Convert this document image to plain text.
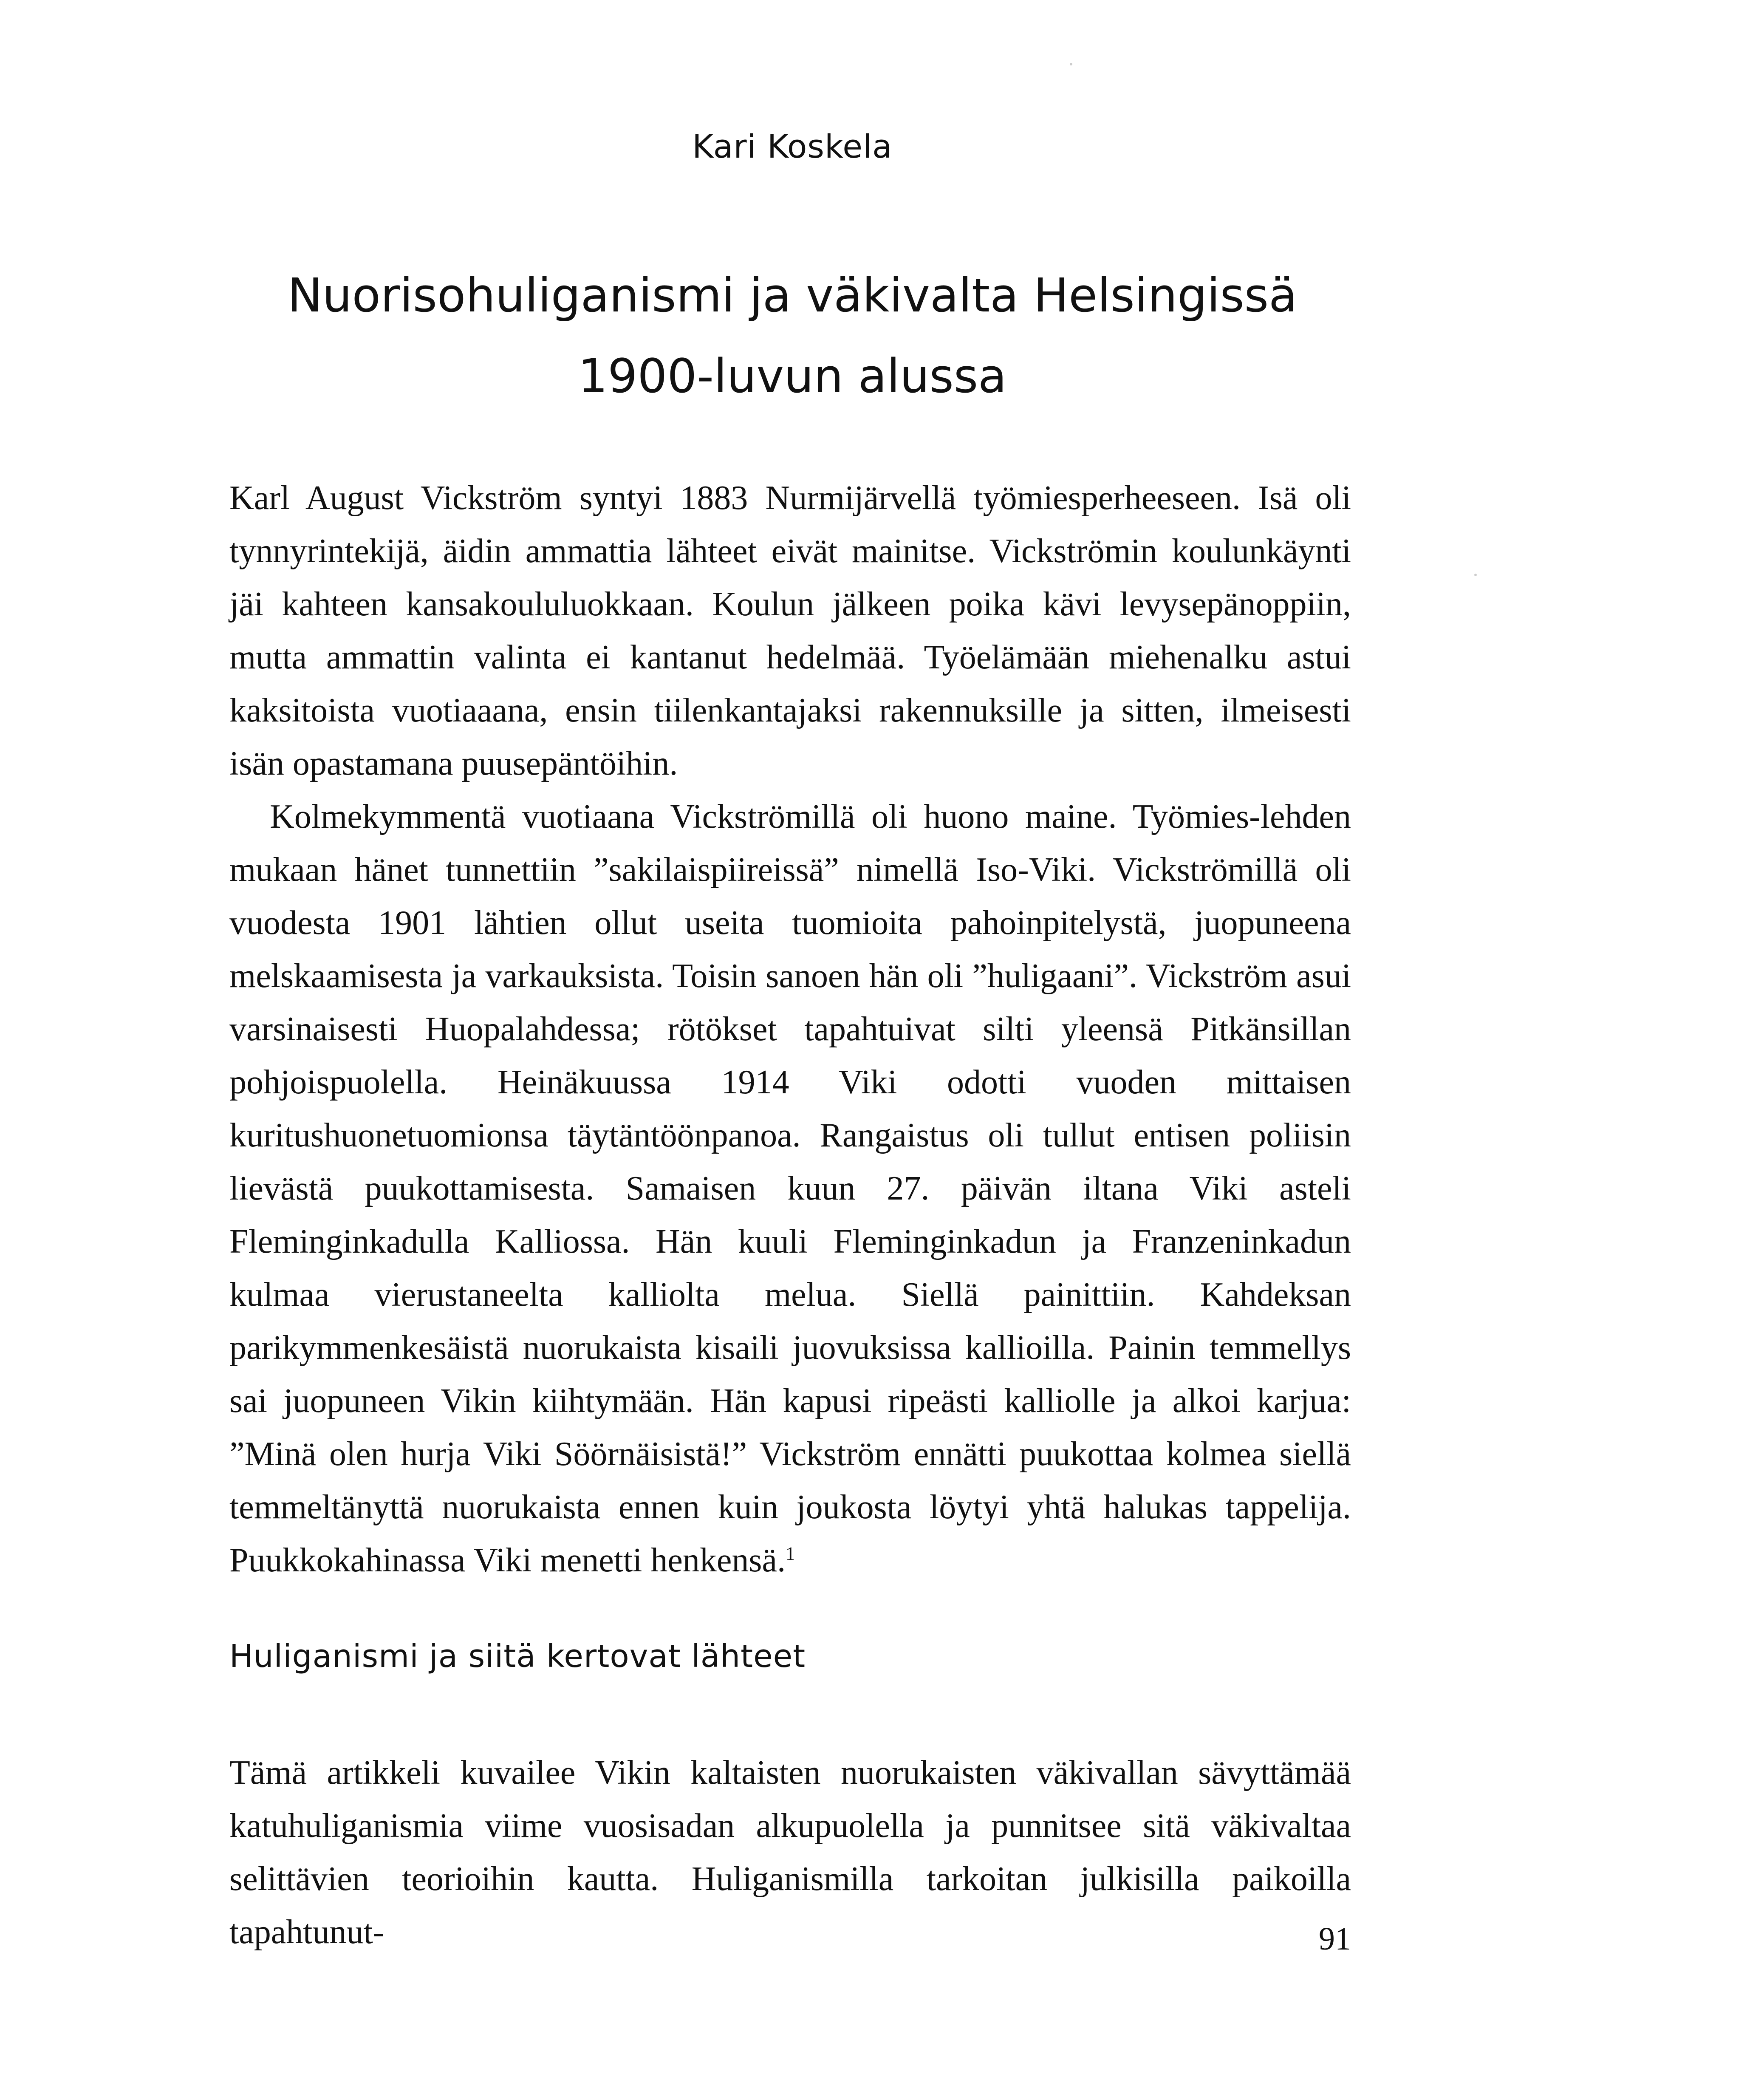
Kari Koskela
Nuorisohuliganismi ja väkivalta Helsingissä
1900-luvun alussa

Karl August Vickström syntyi 1883 Nurmijärvellä työmiesperheeseen. Isä oli tynnyrintekijä, äidin ammattia lähteet eivät mainitse. Vickströmin koulunkäynti jäi kahteen kansakoululuokkaan. Koulun jälkeen poika kävi levysepänoppiin, mutta ammattin valinta ei kantanut hedelmää. Työelämään miehenalku astui kaksitoista vuotiaaana, ensin tiilenkantajaksi rakennuksille ja sitten, ilmeisesti isän opastamana puusepäntöihin.

Kolmekymmentä vuotiaana Vickströmillä oli huono maine. Työmies-lehden mukaan hänet tunnettiin ”sakilaispiireissä” nimellä Iso-Viki. Vickströmillä oli vuodesta 1901 lähtien ollut useita tuomioita pahoinpitelystä, juopuneena melskaamisesta ja varkauksista. Toisin sanoen hän oli ”huligaani”. Vickström asui varsinaisesti Huopalahdessa; rötökset tapahtuivat silti yleensä Pitkänsillan pohjoispuolella. Heinäkuussa 1914 Viki odotti vuoden mittaisen kuritushuonetuomionsa täytäntöönpanoa. Rangaistus oli tullut entisen poliisin lievästä puukottamisesta. Samaisen kuun 27. päivän iltana Viki asteli Fleminginkadulla Kalliossa. Hän kuuli Fleminginkadun ja Franzeninkadun kulmaa vierustaneelta kalliolta melua. Siellä painittiin. Kahdeksan parikymmenkesäistä nuorukaista kisaili juovuksissa kallioilla. Painin temmellys sai juopuneen Vikin kiihtymään. Hän kapusi ripeästi kalliolle ja alkoi karjua: ”Minä olen hurja Viki Söörnäisistä!” Vickström ennätti puukottaa kolmea siellä temmeltänyttä nuorukaista ennen kuin joukosta löytyi yhtä halukas tappelija. Puukkokahinassa Viki menetti henkensä.$^1$

Huliganismi ja siitä kertovat lähteet

Tämä artikkeli kuvailee Vikin kaltaisten nuorukaisten väkivallan sävyttämää katuhuliganismia viime vuosisadan alkupuolella ja punnitsee sitä väkivaltaa selittävien teorioihin kautta. Huliganismilla tarkoitan julkisilla paikoilla tapahtunut-	91
